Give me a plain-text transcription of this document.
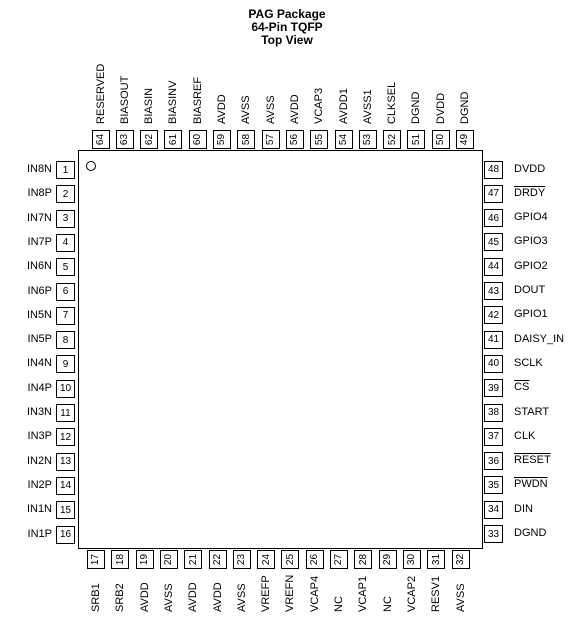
PAG Package
64-Pin TQFP
Top View
1
IN8N
2
IN8P
3
IN7N
4
IN7P
5
IN6N
6
IN6P
7
IN5N
8
IN5P
9
IN4N
10
IN4P
11
IN3N
12
IN3P
13
IN2N
14
IN2P
15
IN1N
16
IN1P	33 DGND
34 DIN
35 PWDN
36 RESET
37 CLK
38 START
39 $\overline{CS}$
40 SCLK
41 DAISY_IN
42 GPIO1
43 DOUT
44 GPIO2
45 GPIO3
46 GPIO4
47 DRDY
48 DVDD
17
SRB1
18
SRB2
19
AVDD
20
AVSS
21
AVDD
22
AVDD
23
AVSS
24
VREFP
25
VREFN
26
VCAP4
27
NC
28
VCAP1
29
NC
30
VCAP2
31
RESV1
32
AVSS
49
DGND
50
DVDD
51
DGND
52
CLKSEL
53
AVSS1
54
AVDD1
55
VCAP3
56
AVDD
57
AVSS
58
AVSS
59
AVDD
60
BIASREF
61
BIASINV
62
BIASIN
63
BIASOUT
64
RESERVED
